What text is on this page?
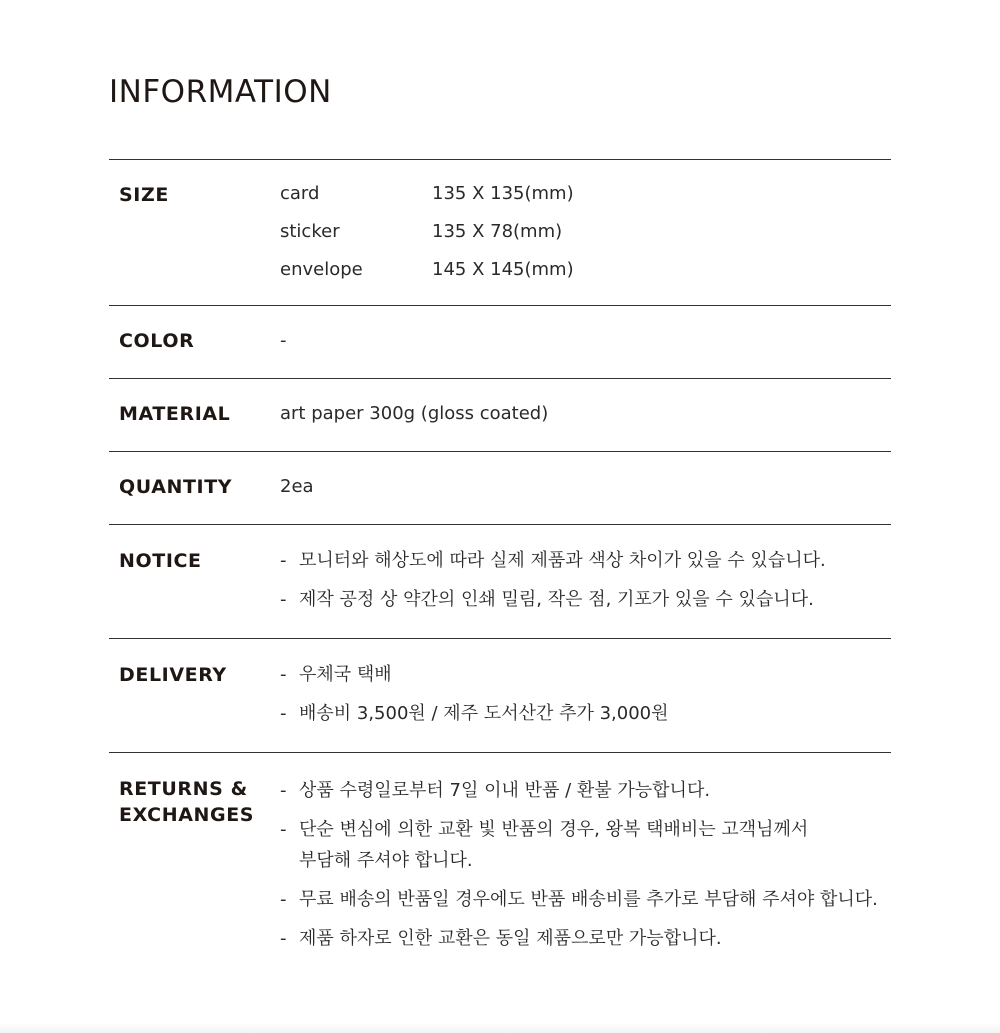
INFORMATION
SIZE	card	135 X 135(mm)
sticker	135 X 78(mm)
envelope	145 X 145(mm)
COLOR	-
MATERIAL	art paper 300g (gloss coated)
QUANTITY	2ea
NOTICE	- 모니터와 해상도에 따라 실제 제품과 색상 차이가 있을 수 있습니다.
- 제작 공정 상 약간의 인쇄 밀림, 작은 점, 기포가 있을 수 있습니다.
DELIVERY	- 우체국 택배
- 배송비 3,500원 / 제주 도서산간 추가 3,000원
RETURNS &
EXCHANGES
- 상품 수령일로부터 7일 이내 반품 / 환불 가능합니다.
- 단순 변심에 의한 교환 빛 반품의 경우, 왕복 택배비는 고객님께서
부담해 주셔야 합니다.
- 무료 배송의 반품일 경우에도 반품 배송비를 추가로 부담해 주셔야 합니다.
- 제품 하자로 인한 교환은 동일 제품으로만 가능합니다.
